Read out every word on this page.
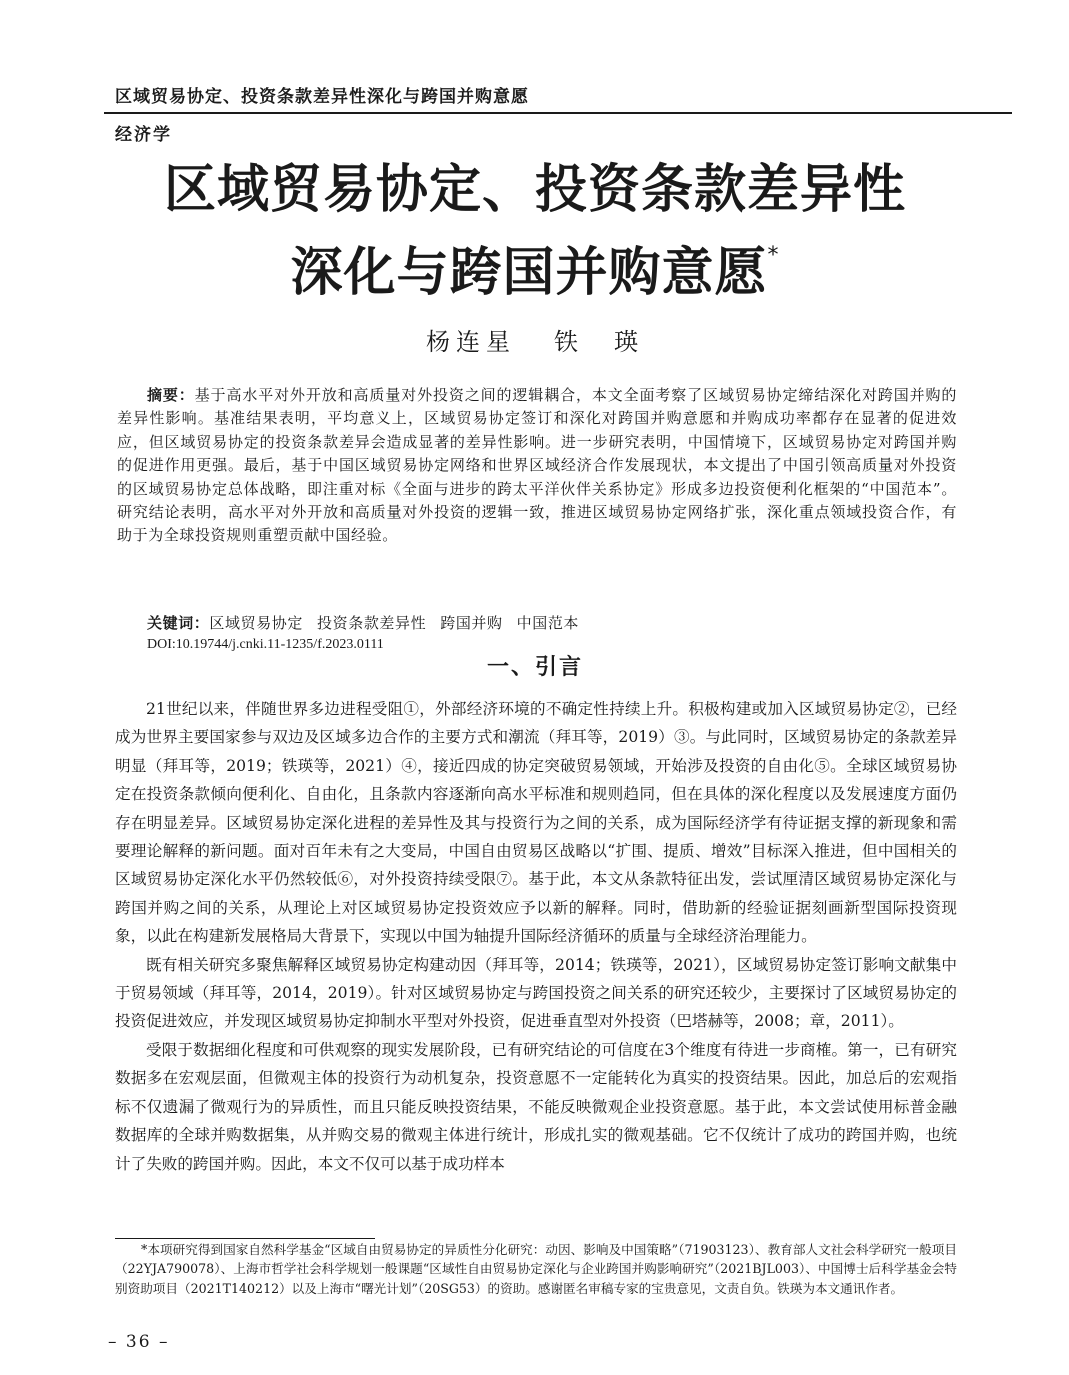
区域贸易协定、投资条款差异性深化与跨国并购意愿
经济学
区域贸易协定、投资条款差异性
深化与跨国并购意愿*
杨连星 铁　瑛
摘要：基于高水平对外开放和高质量对外投资之间的逻辑耦合，本文全面考察了区域贸易协定缔结深化对跨国并购的差异性影响。基准结果表明，平均意义上，区域贸易协定签订和深化对跨国并购意愿和并购成功率都存在显著的促进效应，但区域贸易协定的投资条款差异会造成显著的差异性影响。进一步研究表明，中国情境下，区域贸易协定对跨国并购的促进作用更强。最后，基于中国区域贸易协定网络和世界区域经济合作发展现状，本文提出了中国引领高质量对外投资的区域贸易协定总体战略，即注重对标《全面与进步的跨太平洋伙伴关系协定》形成多边投资便利化框架的“中国范本”。研究结论表明，高水平对外开放和高质量对外投资的逻辑一致，推进区域贸易协定网络扩张，深化重点领域投资合作，有助于为全球投资规则重塑贡献中国经验。
关键词：区域贸易协定 投资条款差异性 跨国并购 中国范本
DOI:10.19744/j.cnki.11-1235/f.2023.0111
一、引言

21世纪以来，伴随世界多边进程受阻①，外部经济环境的不确定性持续上升。积极构建或加入区域贸易协定②，已经成为世界主要国家参与双边及区域多边合作的主要方式和潮流（拜耳等，2019）③。与此同时，区域贸易协定的条款差异明显（拜耳等，2019；铁瑛等，2021）④，接近四成的协定突破贸易领域，开始涉及投资的自由化⑤。全球区域贸易协定在投资条款倾向便利化、自由化，且条款内容逐渐向高水平标准和规则趋同，但在具体的深化程度以及发展速度方面仍存在明显差异。区域贸易协定深化进程的差异性及其与投资行为之间的关系，成为国际经济学有待证据支撑的新现象和需要理论解释的新问题。面对百年未有之大变局，中国自由贸易区战略以“扩围、提质、增效”目标深入推进，但中国相关的区域贸易协定深化水平仍然较低⑥，对外投资持续受限⑦。基于此，本文从条款特征出发，尝试厘清区域贸易协定深化与跨国并购之间的关系，从理论上对区域贸易协定投资效应予以新的解释。同时，借助新的经验证据刻画新型国际投资现象，以此在构建新发展格局大背景下，实现以中国为轴提升国际经济循环的质量与全球经济治理能力。

既有相关研究多聚焦解释区域贸易协定构建动因（拜耳等，2014；铁瑛等，2021），区域贸易协定签订影响文献集中于贸易领域（拜耳等，2014，2019）。针对区域贸易协定与跨国投资之间关系的研究还较少，主要探讨了区域贸易协定的投资促进效应，并发现区域贸易协定抑制水平型对外投资，促进垂直型对外投资（巴塔赫等，2008；章，2011）。

受限于数据细化程度和可供观察的现实发展阶段，已有研究结论的可信度在3个维度有待进一步商榷。第一，已有研究数据多在宏观层面，但微观主体的投资行为动机复杂，投资意愿不一定能转化为真实的投资结果。因此，加总后的宏观指标不仅遗漏了微观行为的异质性，而且只能反映投资结果，不能反映微观企业投资意愿。基于此，本文尝试使用标普金融数据库的全球并购数据集，从并购交易的微观主体进行统计，形成扎实的微观基础。它不仅统计了成功的跨国并购，也统计了失败的跨国并购。因此，本文不仅可以基于成功样本

*本项研究得到国家自然科学基金“区域自由贸易协定的异质性分化研究：动因、影响及中国策略”（71903123）、教育部人文社会科学研究一般项目（22YJA790078）、上海市哲学社会科学规划一般课题“区域性自由贸易协定深化与企业跨国并购影响研究”（2021BJL003）、中国博士后科学基金会特别资助项目（2021T140212）以及上海市“曙光计划”（20SG53）的资助。感谢匿名审稿专家的宝贵意见，文责自负。铁瑛为本文通讯作者。
– 36 –
